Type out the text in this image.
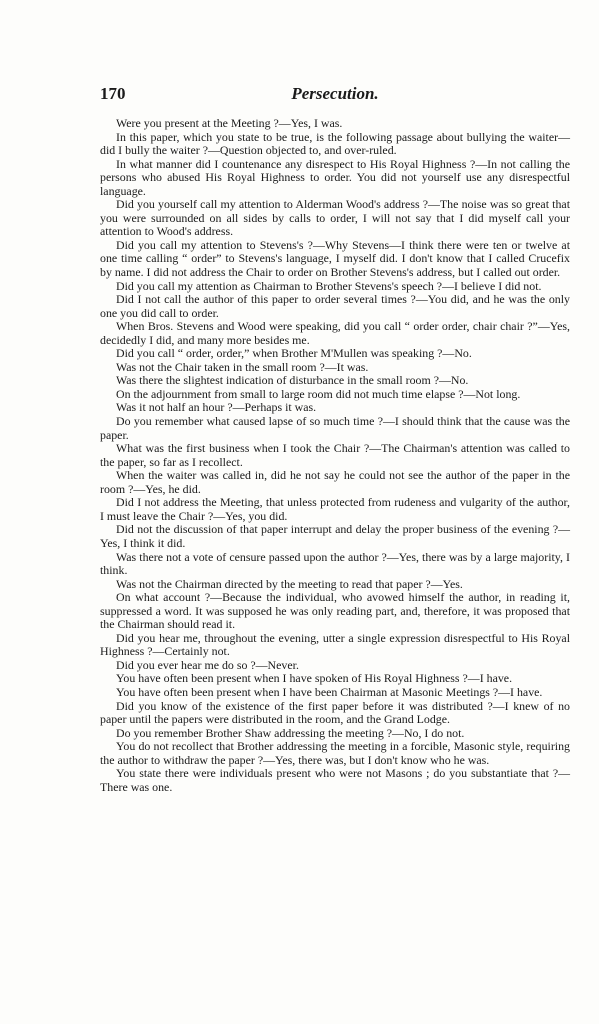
170	Persecution.

Were you present at the Meeting ?—Yes, I was.

In this paper, which you state to be true, is the following passage about bullying the waiter—did I bully the waiter ?—Question objected to, and over-ruled.

In what manner did I countenance any disrespect to His Royal Highness ?—In not calling the persons who abused His Royal Highness to order. You did not yourself use any disrespectful language.

Did you yourself call my attention to Alderman Wood's address ?—The noise was so great that you were surrounded on all sides by calls to order, I will not say that I did myself call your attention to Wood's address.

Did you call my attention to Stevens's ?—Why Stevens—I think there were ten or twelve at one time calling “ order” to Stevens's language, I myself did. I don't know that I called Crucefix by name. I did not address the Chair to order on Brother Stevens's address, but I called out order.

Did you call my attention as Chairman to Brother Stevens's speech ?—I believe I did not.

Did I not call the author of this paper to order several times ?—You did, and he was the only one you did call to order.

When Bros. Stevens and Wood were speaking, did you call “ order order, chair chair ?”—Yes, decidedly I did, and many more besides me.

Did you call “ order, order,” when Brother M'Mullen was speaking ?—No.

Was not the Chair taken in the small room ?—It was.

Was there the slightest indication of disturbance in the small room ?—No.

On the adjournment from small to large room did not much time elapse ?—Not long.

Was it not half an hour ?—Perhaps it was.

Do you remember what caused lapse of so much time ?—I should think that the cause was the paper.

What was the first business when I took the Chair ?—The Chairman's attention was called to the paper, so far as I recollect.

When the waiter was called in, did he not say he could not see the author of the paper in the room ?—Yes, he did.

Did I not address the Meeting, that unless protected from rudeness and vulgarity of the author, I must leave the Chair ?—Yes, you did.

Did not the discussion of that paper interrupt and delay the proper business of the evening ?—Yes, I think it did.

Was there not a vote of censure passed upon the author ?—Yes, there was by a large majority, I think.

Was not the Chairman directed by the meeting to read that paper ?—Yes.

On what account ?—Because the individual, who avowed himself the author, in reading it, suppressed a word. It was supposed he was only reading part, and, therefore, it was proposed that the Chairman should read it.

Did you hear me, throughout the evening, utter a single expression disrespectful to His Royal Highness ?—Certainly not.

Did you ever hear me do so ?—Never.

You have often been present when I have spoken of His Royal Highness ?—I have.

You have often been present when I have been Chairman at Masonic Meetings ?—I have.

Did you know of the existence of the first paper before it was distributed ?—I knew of no paper until the papers were distributed in the room, and the Grand Lodge.

Do you remember Brother Shaw addressing the meeting ?—No, I do not.

You do not recollect that Brother addressing the meeting in a forcible, Masonic style, requiring the author to withdraw the paper ?—Yes, there was, but I don't know who he was.

You state there were individuals present who were not Masons ; do you substantiate that ?—There was one.
